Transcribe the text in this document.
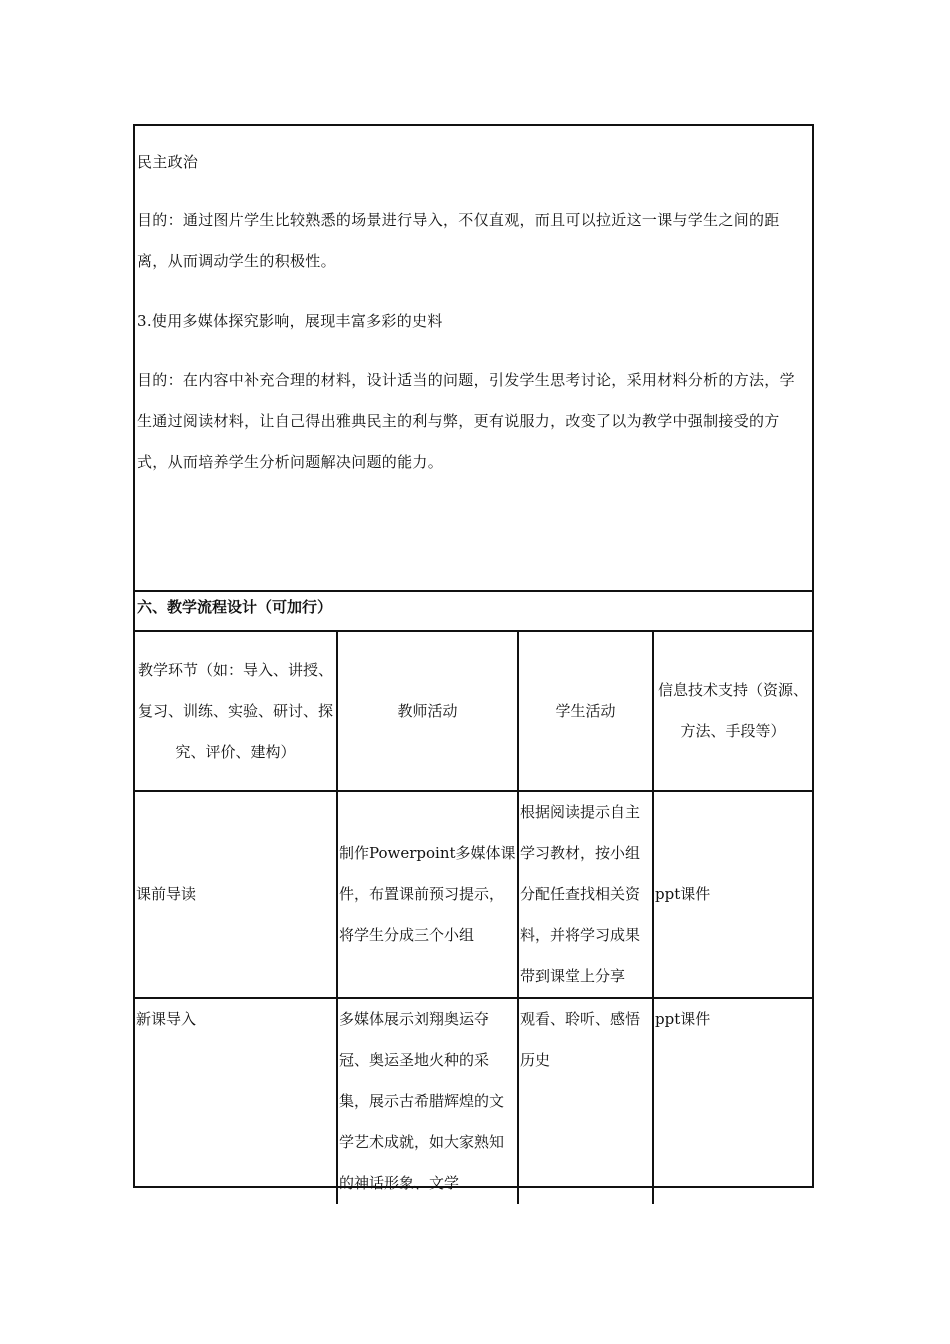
民主政治

目的：通过图片学生比较熟悉的场景进行导入，不仅直观，而且可以拉近这一课与学生之间的距离，从而调动学生的积极性。

3.使用多媒体探究影响，展现丰富多彩的史料

目的：在内容中补充合理的材料，设计适当的问题，引发学生思考讨论，采用材料分析的方法，学生通过阅读材料，让自己得出雅典民主的利与弊，更有说服力，改变了以为教学中强制接受的方式，从而培养学生分析问题解决问题的能力。

六、教学流程设计（可加行）
教学环节（如：导入、讲授、复习、训练、实验、研讨、探究、评价、建构）	教师活动	学生活动	信息技术支持（资源、方法、手段等）

课前导读	制作Powerpoint多媒体课件，布置课前预习提示，将学生分成三个小组	根据阅读提示自主学习教材，按小组分配任查找相关资料，并将学习成果带到课堂上分享	ppt课件

新课导入	多媒体展示刘翔奥运夺冠、奥运圣地火种的采集，展示古希腊辉煌的文学艺术成就，如大家熟知的神话形象、文学	观看、聆听、感悟历史	ppt课件
